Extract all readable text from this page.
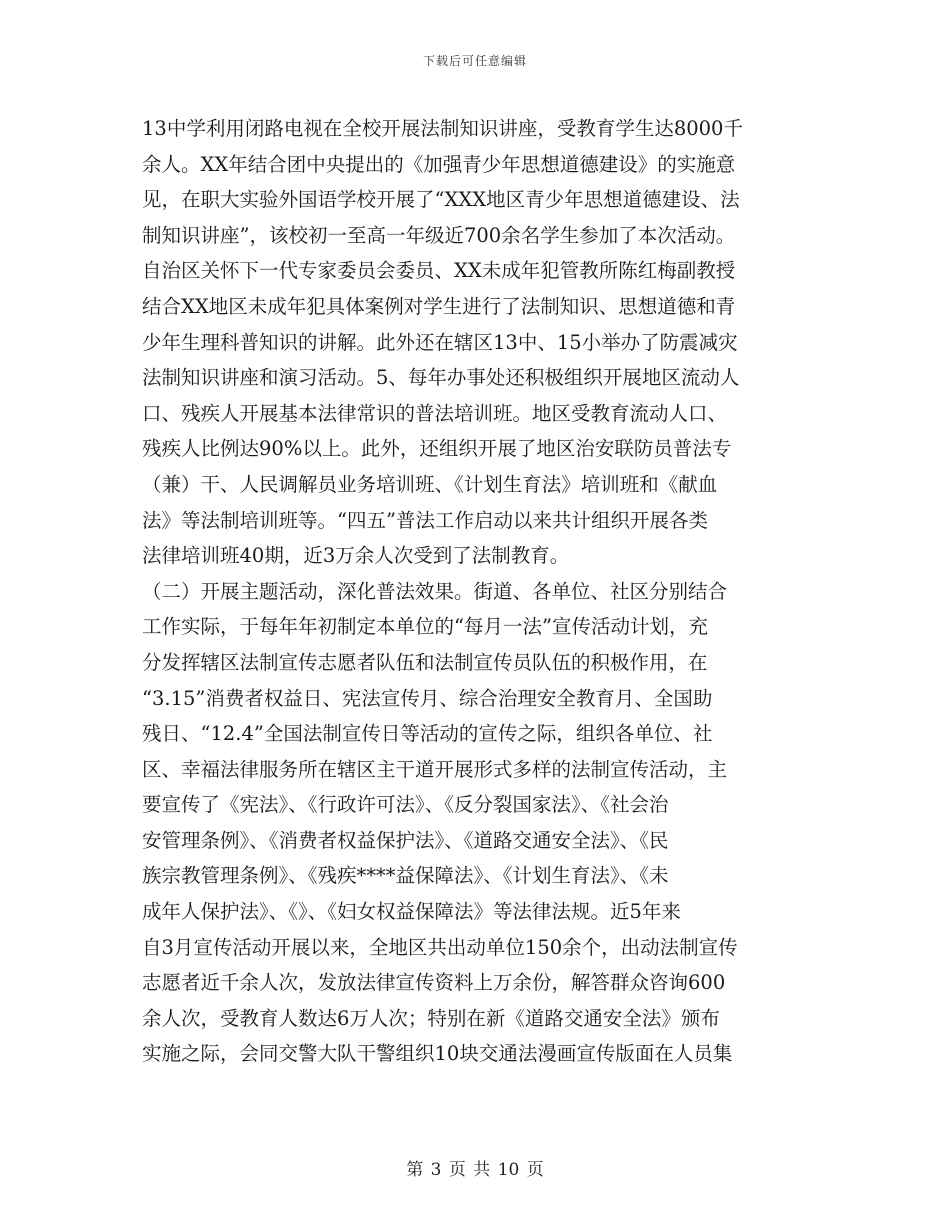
下载后可任意编辑
13中学利用闭路电视在全校开展法制知识讲座，受教育学生达8000千
余人。XX年结合团中央提出的《加强青少年思想道德建设》的实施意
见，在职大实验外国语学校开展了“XXX地区青少年思想道德建设、法
制知识讲座”，该校初一至高一年级近700余名学生参加了本次活动。
自治区关怀下一代专家委员会委员、XX未成年犯管教所陈红梅副教授
结合XX地区未成年犯具体案例对学生进行了法制知识、思想道德和青
少年生理科普知识的讲解。此外还在辖区13中、15小举办了防震减灾
法制知识讲座和演习活动。5、每年办事处还积极组织开展地区流动人
口、残疾人开展基本法律常识的普法培训班。地区受教育流动人口、
残疾人比例达90%以上。此外，还组织开展了地区治安联防员普法专
（兼）干、人民调解员业务培训班、《计划生育法》培训班和《献血
法》等法制培训班等。“四五”普法工作启动以来共计组织开展各类
法律培训班40期，近3万余人次受到了法制教育。
（二）开展主题活动，深化普法效果。街道、各单位、社区分别结合
工作实际，于每年年初制定本单位的“每月一法”宣传活动计划，充
分发挥辖区法制宣传志愿者队伍和法制宣传员队伍的积极作用，在
“3.15”消费者权益日、宪法宣传月、综合治理安全教育月、全国助
残日、“12.4”全国法制宣传日等活动的宣传之际，组织各单位、社
区、幸福法律服务所在辖区主干道开展形式多样的法制宣传活动，主
要宣传了《宪法》、《行政许可法》、《反分裂国家法》、《社会治
安管理条例》、《消费者权益保护法》、《道路交通安全法》、《民
族宗教管理条例》、《残疾****益保障法》、《计划生育法》、《未
成年人保护法》、《》、《妇女权益保障法》等法律法规。近5年来
自3月宣传活动开展以来，全地区共出动单位150余个，出动法制宣传
志愿者近千余人次，发放法律宣传资料上万余份，解答群众咨询600
余人次，受教育人数达6万人次；特别在新《道路交通安全法》颁布
实施之际，会同交警大队干警组织10块交通法漫画宣传版面在人员集
第 3 页 共 10 页
